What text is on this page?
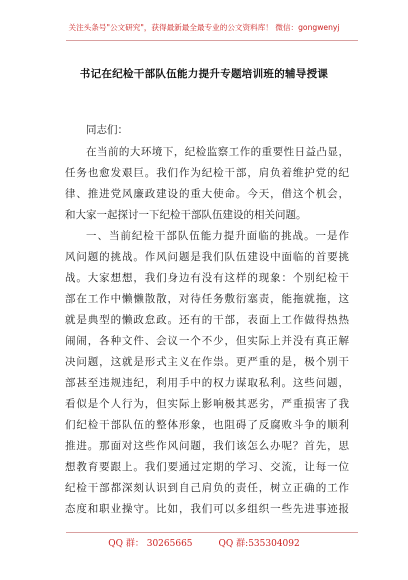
关注头条号"公文研究"，获得最新最全最专业的公文资料库！ 微信：gongwenyj
书记在纪检干部队伍能力提升专题培训班的辅导授课
同志们：
在当前的大环境下，纪检监察工作的重要性日益凸显，
任务也愈发艰巨。我们作为纪检干部，肩负着维护党的纪
律、推进党风廉政建设的重大使命。今天，借这个机会，
和大家一起探讨一下纪检干部队伍建设的相关问题。
一、当前纪检干部队伍能力提升面临的挑战。一是作
风问题的挑战。作风问题是我们队伍建设中面临的首要挑
战。大家想想，我们身边有没有这样的现象：个别纪检干
部在工作中懒懒散散，对待任务敷衍塞责，能拖就拖，这
就是典型的懒政怠政。还有的干部，表面上工作做得热热
闹闹，各种文件、会议一个不少，但实际上并没有真正解
决问题，这就是形式主义在作祟。更严重的是，极个别干
部甚至违规违纪，利用手中的权力谋取私利。这些问题，
看似是个人行为，但实际上影响极其恶劣，严重损害了我
们纪检干部队伍的整体形象，也阻碍了反腐败斗争的顺利
推进。那面对这些作风问题，我们该怎么办呢？首先，思
想教育要跟上。我们要通过定期的学习、交流，让每一位
纪检干部都深刻认识到自己肩负的责任，树立正确的工作
态度和职业操守。比如，我们可以多组织一些先进事迹报
QQ 群： 30265665	QQ 群:535304092
